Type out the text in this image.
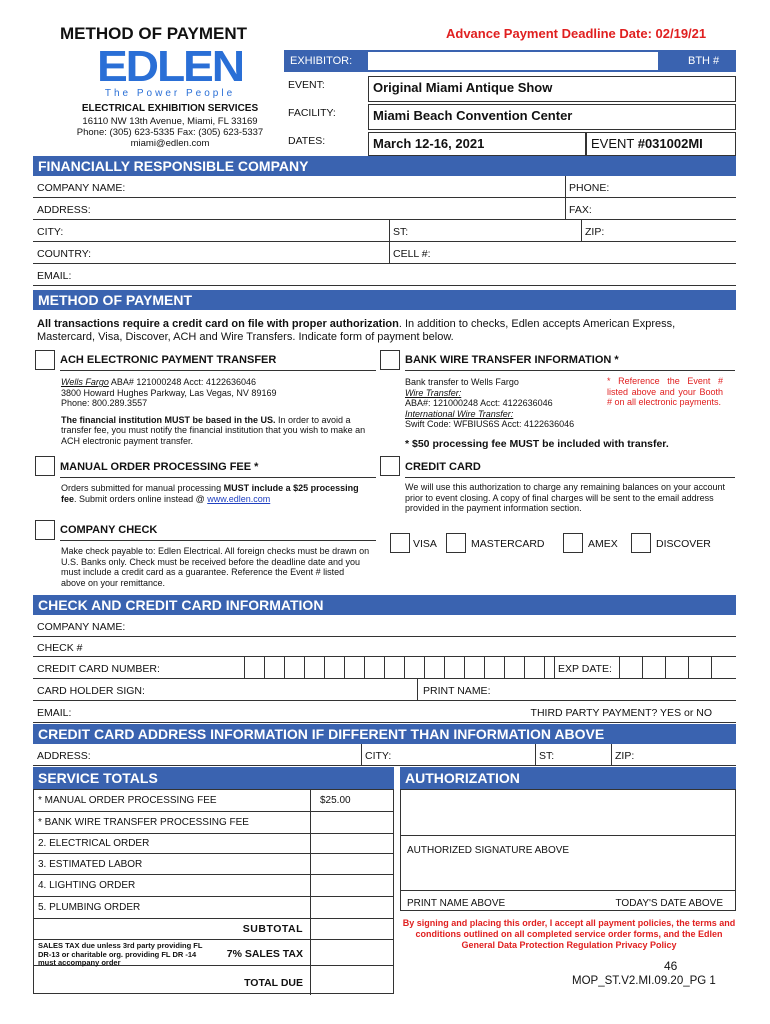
METHOD OF PAYMENT	Advance Payment Deadline Date: 02/19/21
EDLEN
The Power People
ELECTRICAL EXHIBITION SERVICES
16110 NW 13th Avenue, Miami, FL 33169
Phone: (305) 623-5335 Fax: (305) 623-5337
miami@edlen.com
EXHIBITOR:	BTH #
EVENT:	Original Miami Antique Show
FACILITY:	Miami Beach Convention Center
DATES:	March 12-16, 2021	EVENT #031002MI
FINANCIALLY RESPONSIBLE COMPANY
COMPANY NAME:	PHONE:
ADDRESS:	FAX:
CITY:	ST:	ZIP:
COUNTRY:	CELL #:
EMAIL:
METHOD OF PAYMENT
All transactions require a credit card on file with proper authorization. In addition to checks, Edlen accepts American Express, Mastercard, Visa, Discover, ACH and Wire Transfers. Indicate form of payment below.
ACH ELECTRONIC PAYMENT TRANSFER
Wells Fargo ABA# 121000248 Acct: 4122636046
3800 Howard Hughes Parkway, Las Vegas, NV 89169
Phone: 800.289.3557
The financial institution MUST be based in the US. In order to avoid a transfer fee, you must notify the financial institution that you wish to make an ACH electronic payment transfer.
BANK WIRE TRANSFER INFORMATION *
Bank transfer to Wells Fargo
Wire Transfer:
ABA#: 121000248 Acct: 4122636046
International Wire Transfer:
Swift Code: WFBIUS6S Acct: 4122636046
* Reference the Event # listed above and your Booth # on all electronic payments.
* $50 processing fee MUST be included with transfer.
MANUAL ORDER PROCESSING FEE *
Orders submitted for manual processing MUST include a $25 processing fee. Submit orders online instead @ www.edlen.com
CREDIT CARD
We will use this authorization to charge any remaining balances on your account prior to event closing. A copy of final charges will be sent to the email address provided in the payment information section.
VISA	MASTERCARD	AMEX	DISCOVER
COMPANY CHECK
Make check payable to: Edlen Electrical. All foreign checks must be drawn on U.S. Banks only. Check must be received before the deadline date and you must include a credit card as a guarantee. Reference the Event # listed above on your remittance.
CHECK AND CREDIT CARD INFORMATION
COMPANY NAME:
CHECK #
CREDIT CARD NUMBER:	EXP DATE:
CARD HOLDER SIGN:	PRINT NAME:
EMAIL:	THIRD PARTY PAYMENT? YES or NO
CREDIT CARD ADDRESS INFORMATION IF DIFFERENT THAN INFORMATION ABOVE
ADDRESS:	CITY:	ST:	ZIP:
SERVICE TOTALS
* MANUAL ORDER PROCESSING FEE	$25.00
* BANK WIRE TRANSFER PROCESSING FEE
2. ELECTRICAL ORDER
3. ESTIMATED LABOR
4. LIGHTING ORDER
5. PLUMBING ORDER
SUBTOTAL
SALES TAX due unless 3rd party providing FL DR-13 or charitable org. providing FL DR -14 must accompany order
7% SALES TAX
TOTAL DUE
AUTHORIZATION
AUTHORIZED SIGNATURE ABOVE
PRINT NAME ABOVE	TODAY'S DATE ABOVE
By signing and placing this order, I accept all payment policies, the terms and conditions outlined on all completed service order forms, and the Edlen General Data Protection Regulation Privacy Policy
46
MOP_ST.V2.MI.09.20_PG 1
